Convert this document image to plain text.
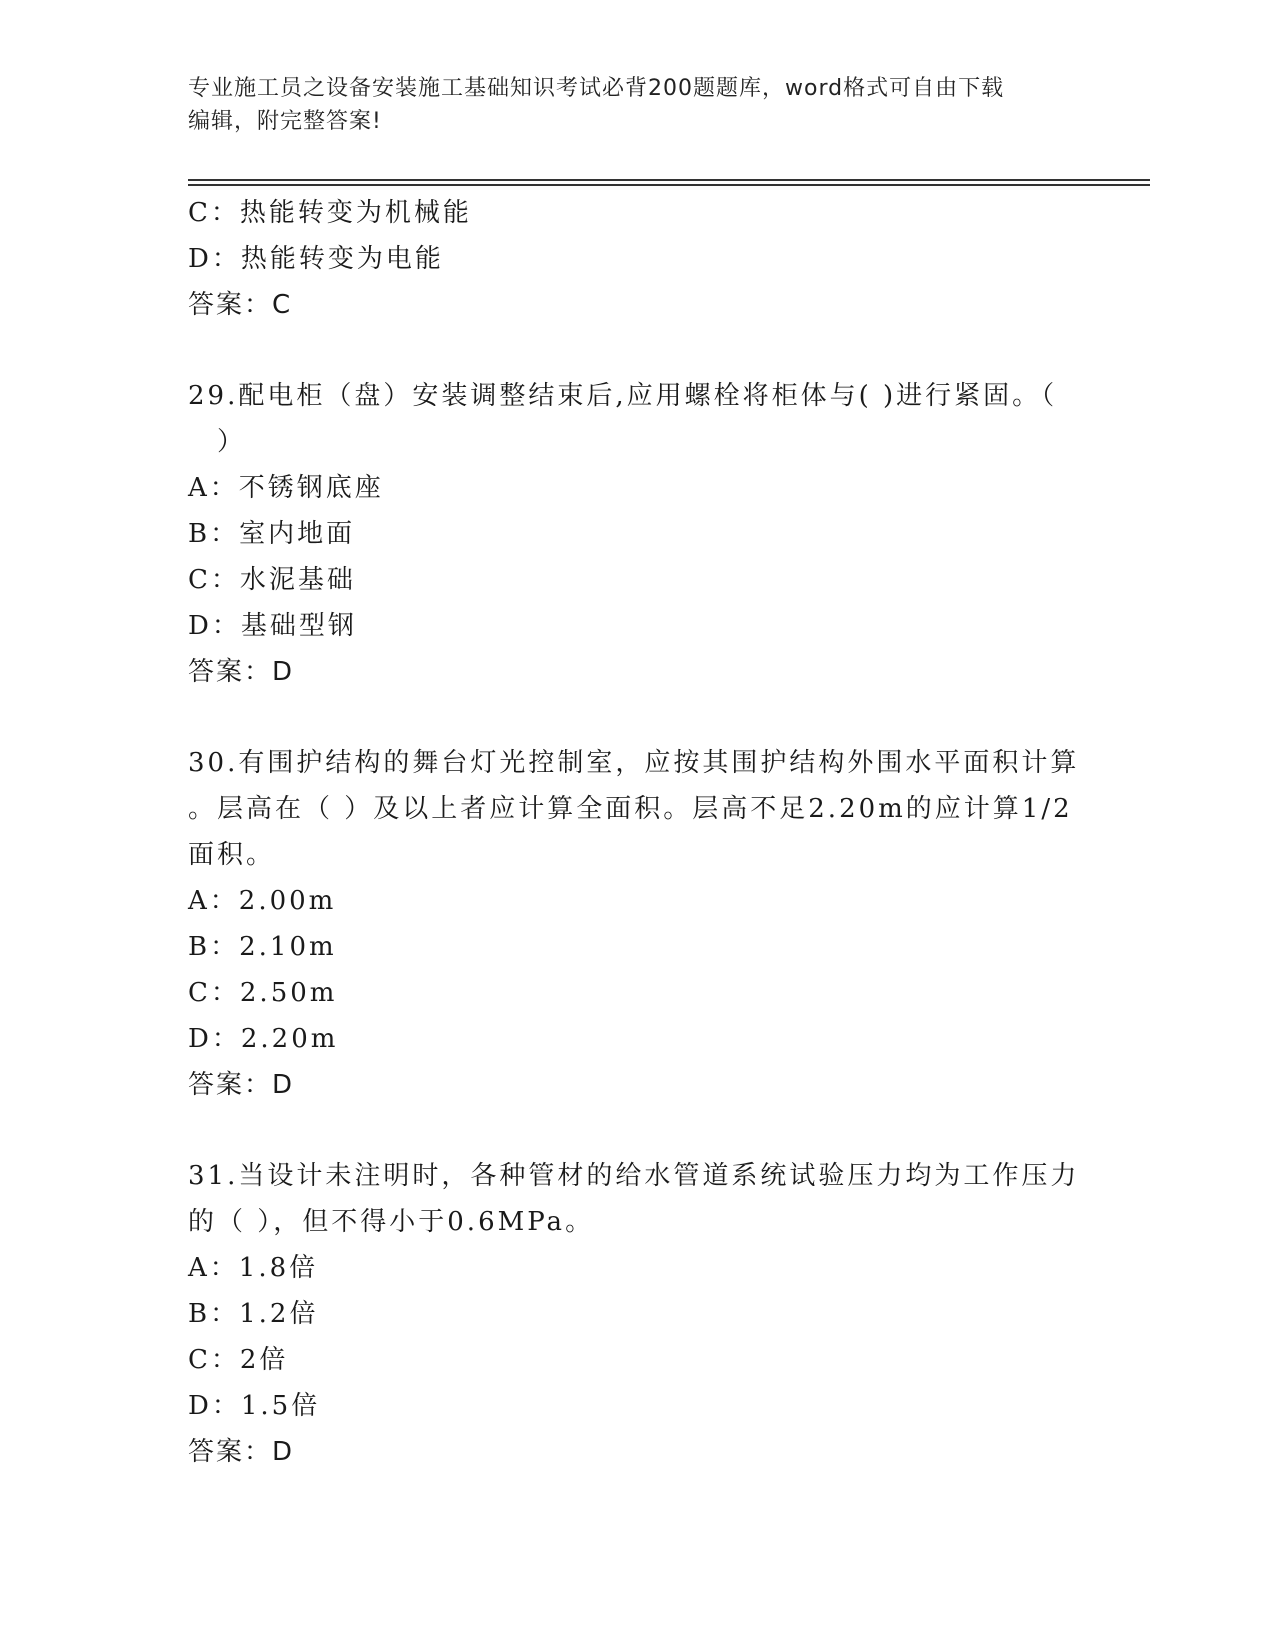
专业施工员之设备安装施工基础知识考试必背200题题库，word格式可自由下载
编辑，附完整答案!
C：热能转变为机械能
D：热能转变为电能
答案：C
29.配电柜（盘）安装调整结束后,应用螺栓将柜体与( )进行紧固。（
　）
A：不锈钢底座
B：室内地面
C：水泥基础
D：基础型钢
答案：D
30.有围护结构的舞台灯光控制室，应按其围护结构外围水平面积计算
。层高在（ ）及以上者应计算全面积。层高不足2.20m的应计算1/2
面积。
A：2.00m
B：2.10m
C：2.50m
D：2.20m
答案：D
31.当设计未注明时，各种管材的给水管道系统试验压力均为工作压力
的（ ），但不得小于0.6MPa。
A：1.8倍
B：1.2倍
C：2倍
D：1.5倍
答案：D
